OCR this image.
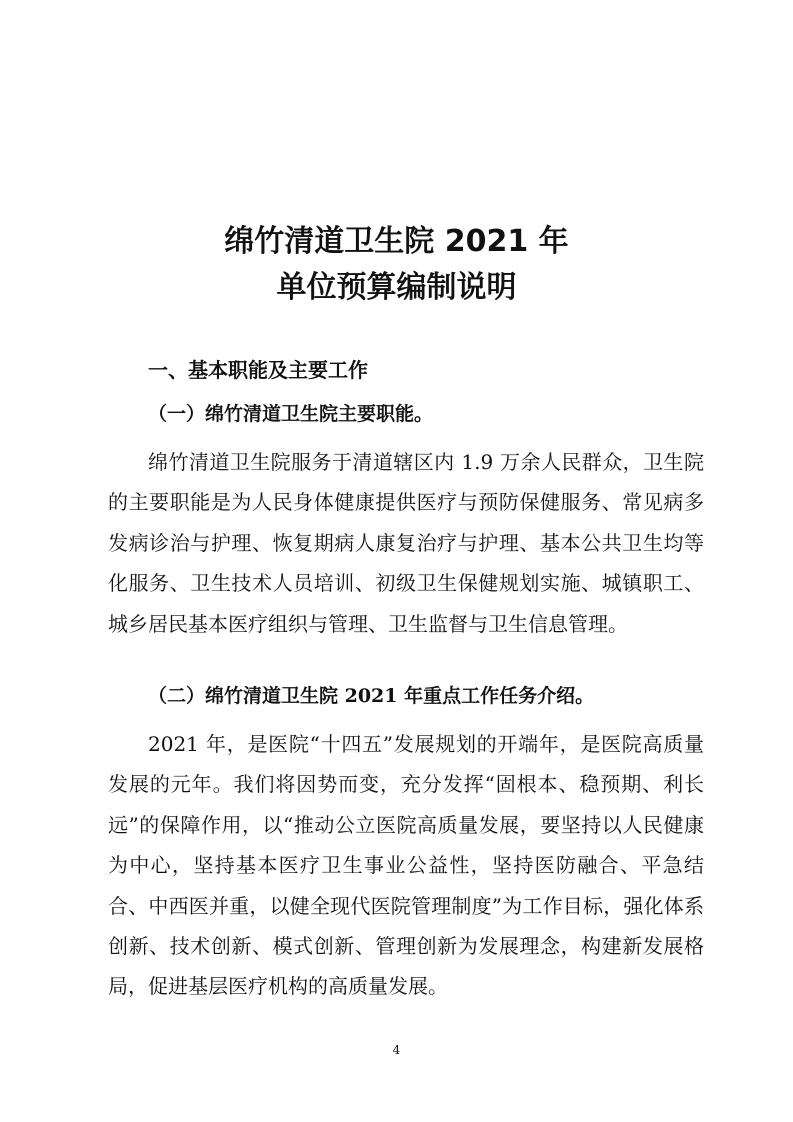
绵竹清道卫生院 2021 年
单位预算编制说明
一、基本职能及主要工作
（一）绵竹清道卫生院主要职能。

绵竹清道卫生院服务于清道辖区内 1.9 万余人民群众，卫生院的主要职能是为人民身体健康提供医疗与预防保健服务、常见病多发病诊治与护理、恢复期病人康复治疗与护理、基本公共卫生均等化服务、卫生技术人员培训、初级卫生保健规划实施、城镇职工、城乡居民基本医疗组织与管理、卫生监督与卫生信息管理。

（二）绵竹清道卫生院 2021 年重点工作任务介绍。

2021 年，是医院“十四五”发展规划的开端年，是医院高质量发展的元年。我们将因势而变，充分发挥“固根本、稳预期、利长远”的保障作用，以“推动公立医院高质量发展，要坚持以人民健康为中心，坚持基本医疗卫生事业公益性，坚持医防融合、平急结合、中西医并重，以健全现代医院管理制度”为工作目标，强化体系创新、技术创新、模式创新、管理创新为发展理念，构建新发展格局，促进基层医疗机构的高质量发展。

4
